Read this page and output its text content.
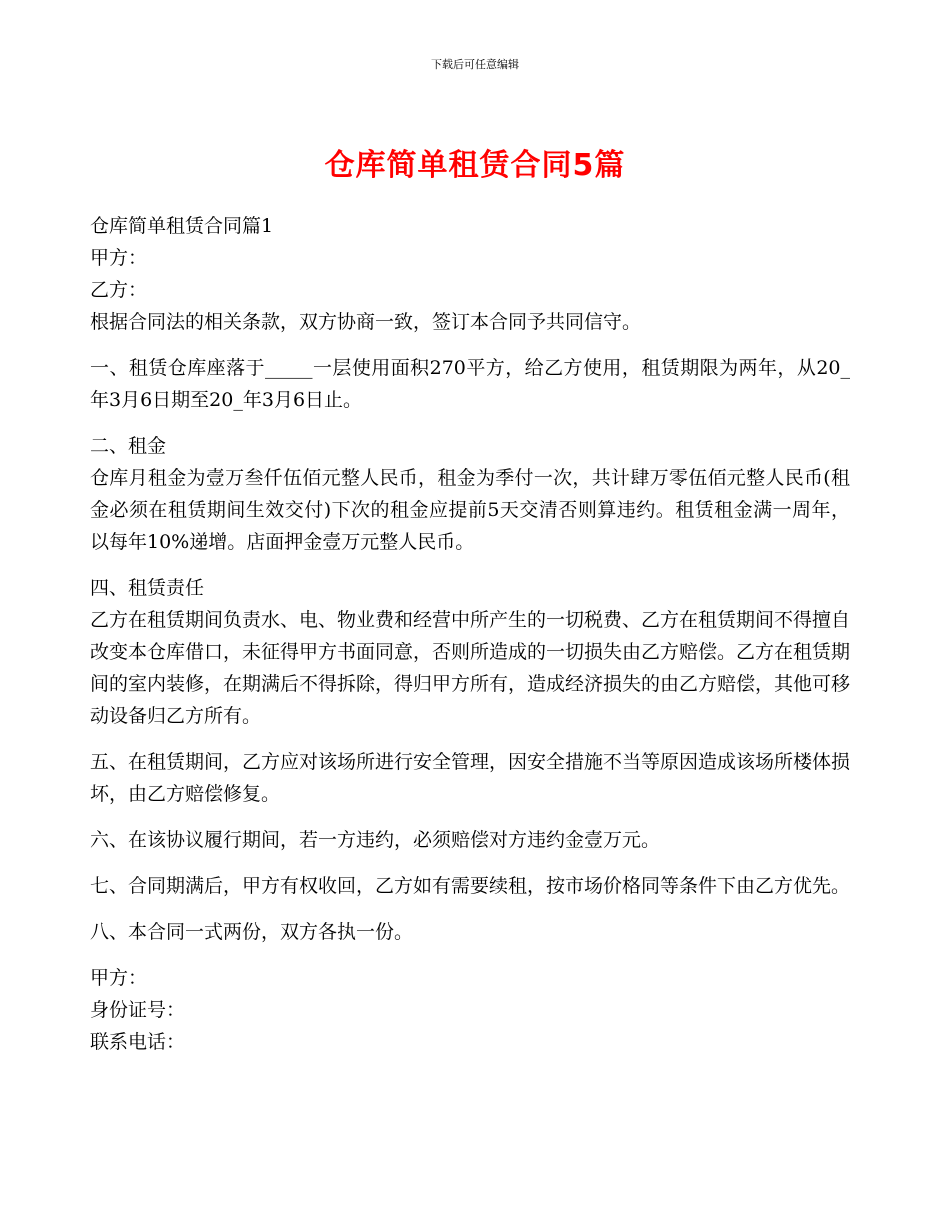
下载后可任意编辑
仓库简单租赁合同5篇

仓库简单租赁合同篇1

甲方：

乙方：

根据合同法的相关条款，双方协商一致，签订本合同予共同信守。

一、租赁仓库座落于_____一层使用面积270平方，给乙方使用，租赁期限为两年，从20_年3月6日期至20_年3月6日止。

二、租金

仓库月租金为壹万叁仟伍佰元整人民币，租金为季付一次，共计肆万零伍佰元整人民币(租金必须在租赁期间生效交付)下次的租金应提前5天交清否则算违约。租赁租金满一周年，以每年10%递增。店面押金壹万元整人民币。

四、租赁责任

乙方在租赁期间负责水、电、物业费和经营中所产生的一切税费、乙方在租赁期间不得擅自改变本仓库借口，未征得甲方书面同意，否则所造成的一切损失由乙方赔偿。乙方在租赁期间的室内装修，在期满后不得拆除，得归甲方所有，造成经济损失的由乙方赔偿，其他可移动设备归乙方所有。

五、在租赁期间，乙方应对该场所进行安全管理，因安全措施不当等原因造成该场所楼体损坏，由乙方赔偿修复。

六、在该协议履行期间，若一方违约，必须赔偿对方违约金壹万元。

七、合同期满后，甲方有权收回，乙方如有需要续租，按市场价格同等条件下由乙方优先。

八、本合同一式两份，双方各执一份。

甲方：

身份证号：

联系电话：
